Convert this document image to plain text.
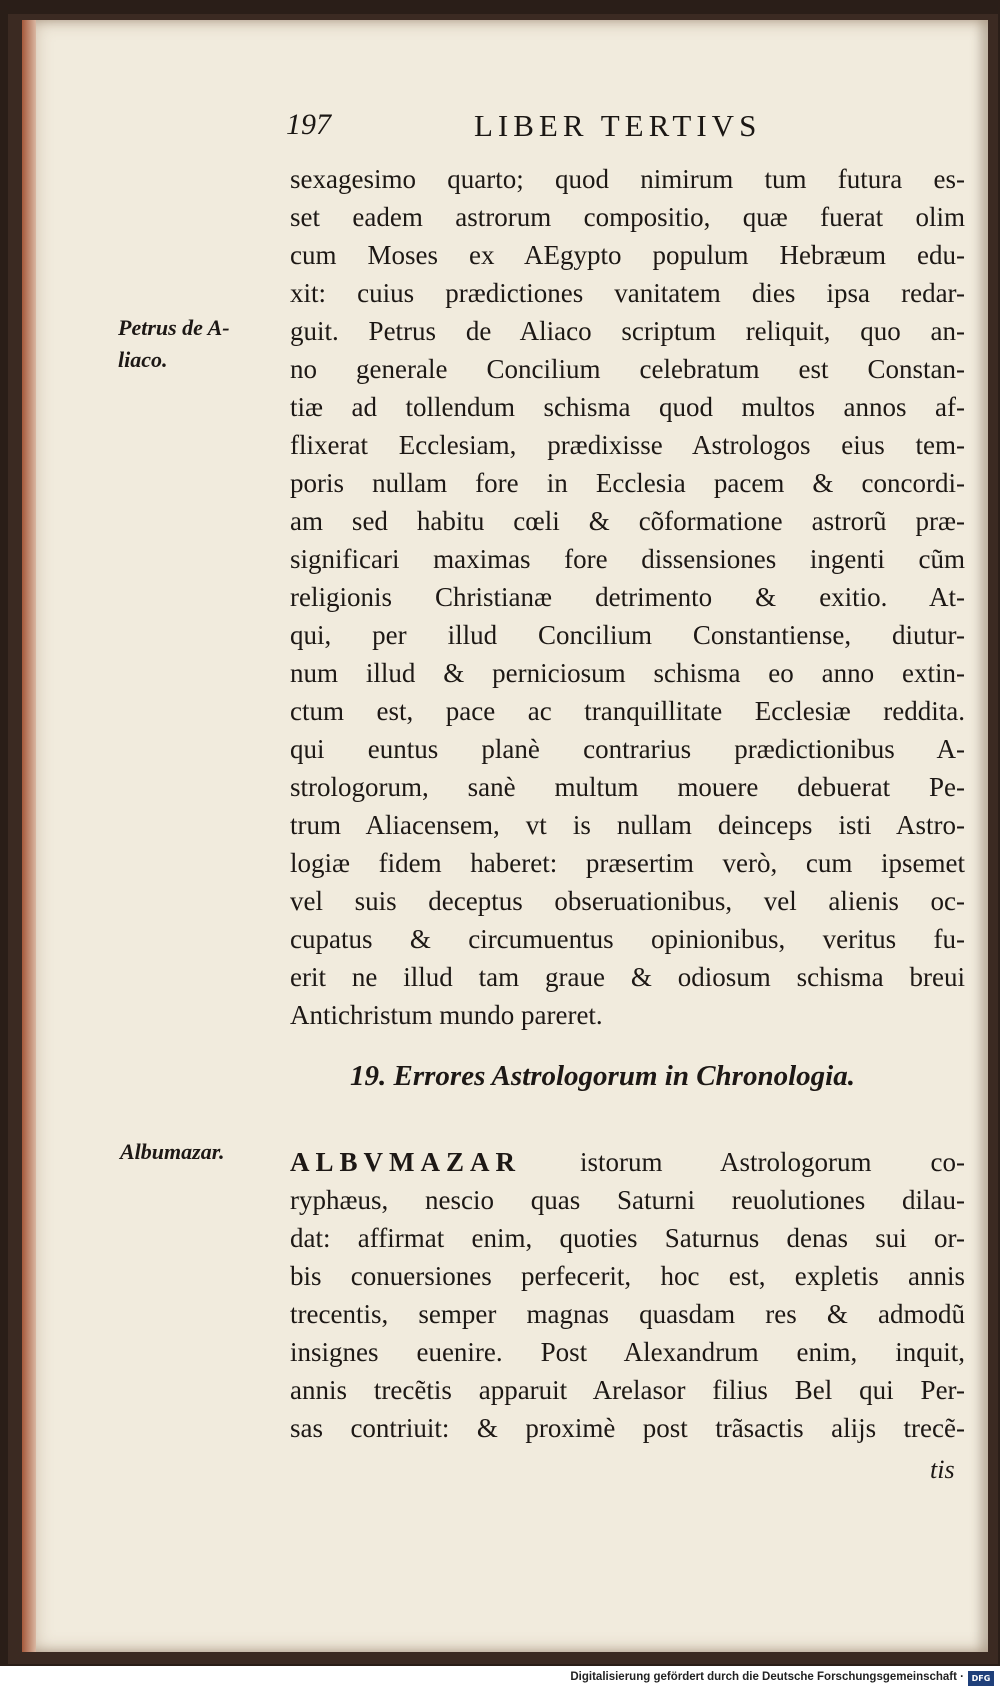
197	LIBER TERTIVS
Petrus de A-
liaco.
Albumazar.
sexagesimo quarto; quod nimirum tum futura es-
set eadem astrorum compositio, quæ fuerat olim
cum Moses ex AEgypto populum Hebræum edu-
xit: cuius prædictiones vanitatem dies ipsa redar-
guit. Petrus de Aliaco scriptum reliquit, quo an-
no generale Concilium celebratum est Constan-
tiæ ad tollendum schisma quod multos annos af-
flixerat Ecclesiam, prædixisse Astrologos eius tem-
poris nullam fore in Ecclesia pacem & concordi-
am sed habitu cœli & cõformatione astrorũ præ-
significari maximas fore dissensiones ingenti cũm
religionis Christianæ detrimento & exitio. At-
qui, per illud Concilium Constantiense, diutur-
num illud & perniciosum schisma eo anno extin-
ctum est, pace ac tranquillitate Ecclesiæ reddita.
qui euntus planè contrarius prædictionibus A-
strologorum, sanè multum mouere debuerat Pe-
trum Aliacensem, vt is nullam deinceps isti Astro-
logiæ fidem haberet: præsertim verò, cum ipsemet
vel suis deceptus obseruationibus, vel alienis oc-
cupatus & circumuentus opinionibus, veritus fu-
erit ne illud tam graue & odiosum schisma breui
Antichristum mundo pareret.
19. Errores Astrologorum in Chronologia.
ALBVMAZAR istorum Astrologorum co-
ryphæus, nescio quas Saturni reuolutiones dilau-
dat: affirmat enim, quoties Saturnus denas sui or-
bis conuersiones perfecerit, hoc est, expletis annis
trecentis, semper magnas quasdam res & admodũ
insignes euenire. Post Alexandrum enim, inquit,
annis trecẽtis apparuit Arelasor filius Bel qui Per-
sas contriuit: & proximè post trãsactis alijs trecẽ-
tis
Digitalisierung gefördert durch die Deutsche Forschungsgemeinschaft · DFG
